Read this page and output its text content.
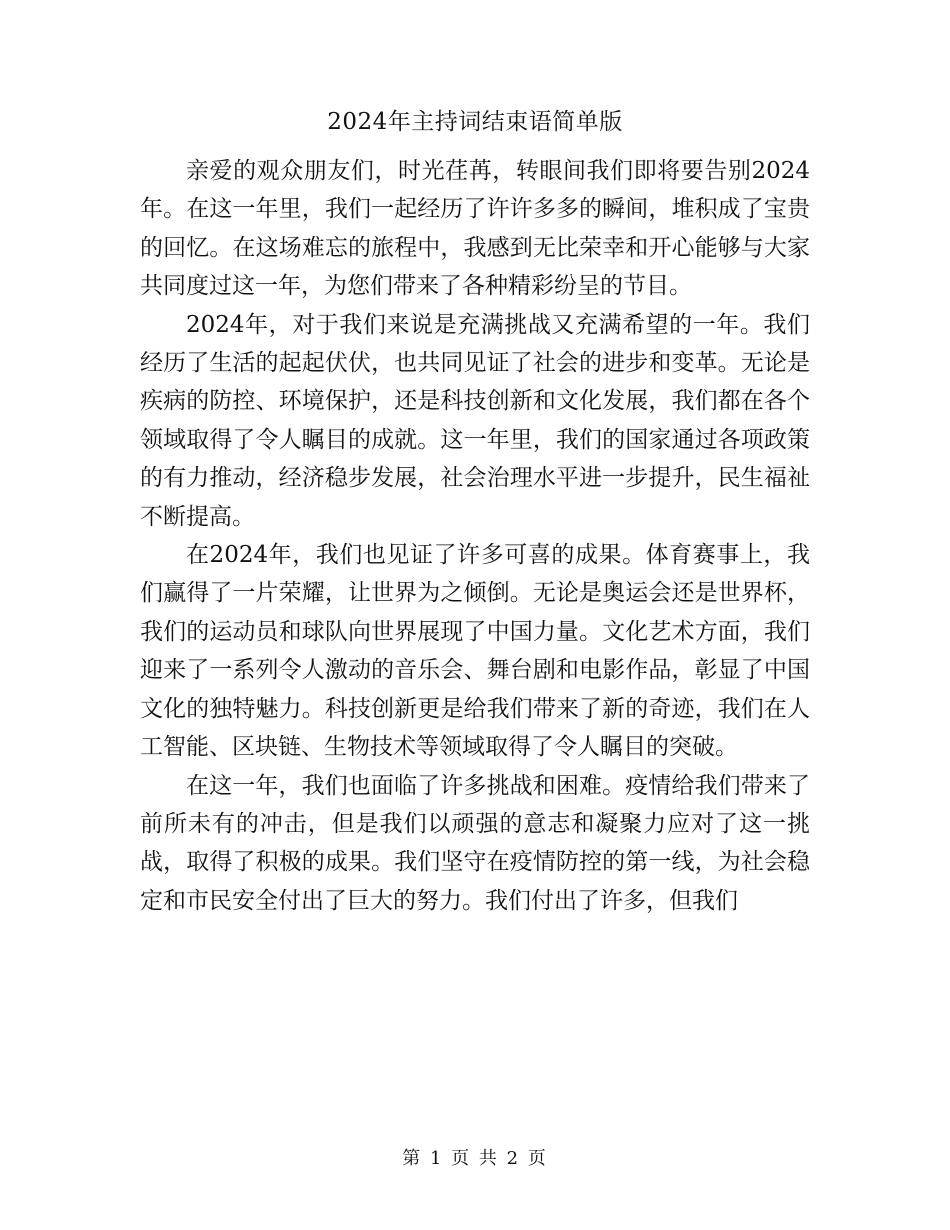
2024年主持词结束语简单版

亲爱的观众朋友们，时光荏苒，转眼间我们即将要告别2024年。在这一年里，我们一起经历了许许多多的瞬间，堆积成了宝贵的回忆。在这场难忘的旅程中，我感到无比荣幸和开心能够与大家共同度过这一年，为您们带来了各种精彩纷呈的节目。

2024年，对于我们来说是充满挑战又充满希望的一年。我们经历了生活的起起伏伏，也共同见证了社会的进步和变革。无论是疾病的防控、环境保护，还是科技创新和文化发展，我们都在各个领域取得了令人瞩目的成就。这一年里，我们的国家通过各项政策的有力推动，经济稳步发展，社会治理水平进一步提升，民生福祉不断提高。

在2024年，我们也见证了许多可喜的成果。体育赛事上，我们赢得了一片荣耀，让世界为之倾倒。无论是奥运会还是世界杯，我们的运动员和球队向世界展现了中国力量。文化艺术方面，我们迎来了一系列令人激动的音乐会、舞台剧和电影作品，彰显了中国文化的独特魅力。科技创新更是给我们带来了新的奇迹，我们在人工智能、区块链、生物技术等领域取得了令人瞩目的突破。

在这一年，我们也面临了许多挑战和困难。疫情给我们带来了前所未有的冲击，但是我们以顽强的意志和凝聚力应对了这一挑战，取得了积极的成果。我们坚守在疫情防控的第一线，为社会稳定和市民安全付出了巨大的努力。我们付出了许多，但我们

第 1 页 共 2 页
